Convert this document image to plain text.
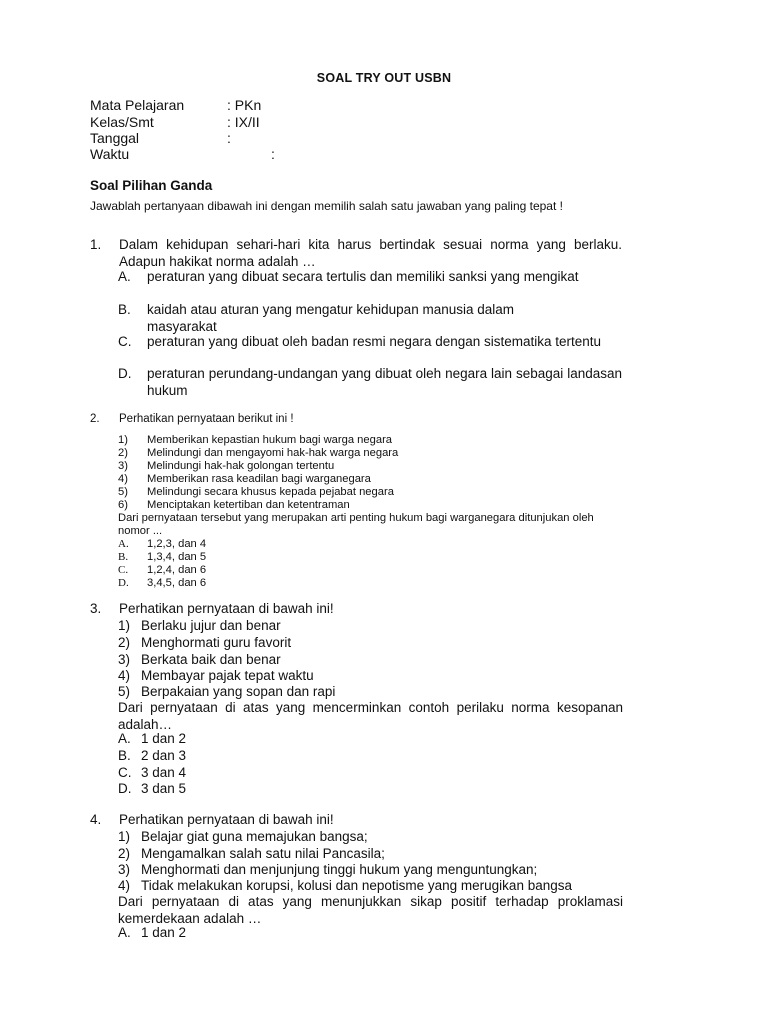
SOAL TRY OUT USBN
Mata Pelajaran	: PKn
Kelas/Smt	: IX/II
Tanggal	:
Waktu	:
Soal Pilihan Ganda
Jawablah pertanyaan dibawah ini dengan memilih salah satu jawaban yang paling tepat !
1. Dalam kehidupan sehari-hari kita harus bertindak sesuai norma yang berlaku. Adapun hakikat norma adalah …
A. peraturan yang dibuat secara tertulis dan memiliki sanksi yang mengikat
B. kaidah atau aturan yang mengatur kehidupan manusia dalam masyarakat
C. peraturan yang dibuat oleh badan resmi negara dengan sistematika tertentu
D. peraturan perundang-undangan yang dibuat oleh negara lain sebagai landasan hukum
2. Perhatikan pernyataan berikut ini !
1) Memberikan kepastian hukum bagi warga negara
2) Melindungi dan mengayomi hak-hak warga negara
3) Melindungi hak-hak golongan tertentu
4) Memberikan rasa keadilan bagi warganegara
5) Melindungi secara khusus kepada pejabat negara
6) Menciptakan ketertiban dan ketentraman
Dari pernyataan tersebut yang merupakan arti penting hukum bagi warganegara ditunjukan oleh nomor ...
A. 1,2,3, dan 4
B. 1,3,4, dan 5
C. 1,2,4, dan 6
D. 3,4,5, dan 6
3. Perhatikan pernyataan di bawah ini!
1) Berlaku jujur dan benar
2) Menghormati guru favorit
3) Berkata baik dan benar
4) Membayar pajak tepat waktu
5) Berpakaian yang sopan dan rapi
Dari pernyataan di atas yang mencerminkan contoh perilaku norma kesopanan adalah…
A. 1 dan 2
B. 2 dan 3
C. 3 dan 4
D. 3 dan 5
4. Perhatikan pernyataan di bawah ini!
1) Belajar giat guna memajukan bangsa;
2) Mengamalkan salah satu nilai Pancasila;
3) Menghormati dan menjunjung tinggi hukum yang menguntungkan;
4) Tidak melakukan korupsi, kolusi dan nepotisme yang merugikan bangsa
Dari pernyataan di atas yang menunjukkan sikap positif terhadap proklamasi kemerdekaan adalah …
A. 1 dan 2
